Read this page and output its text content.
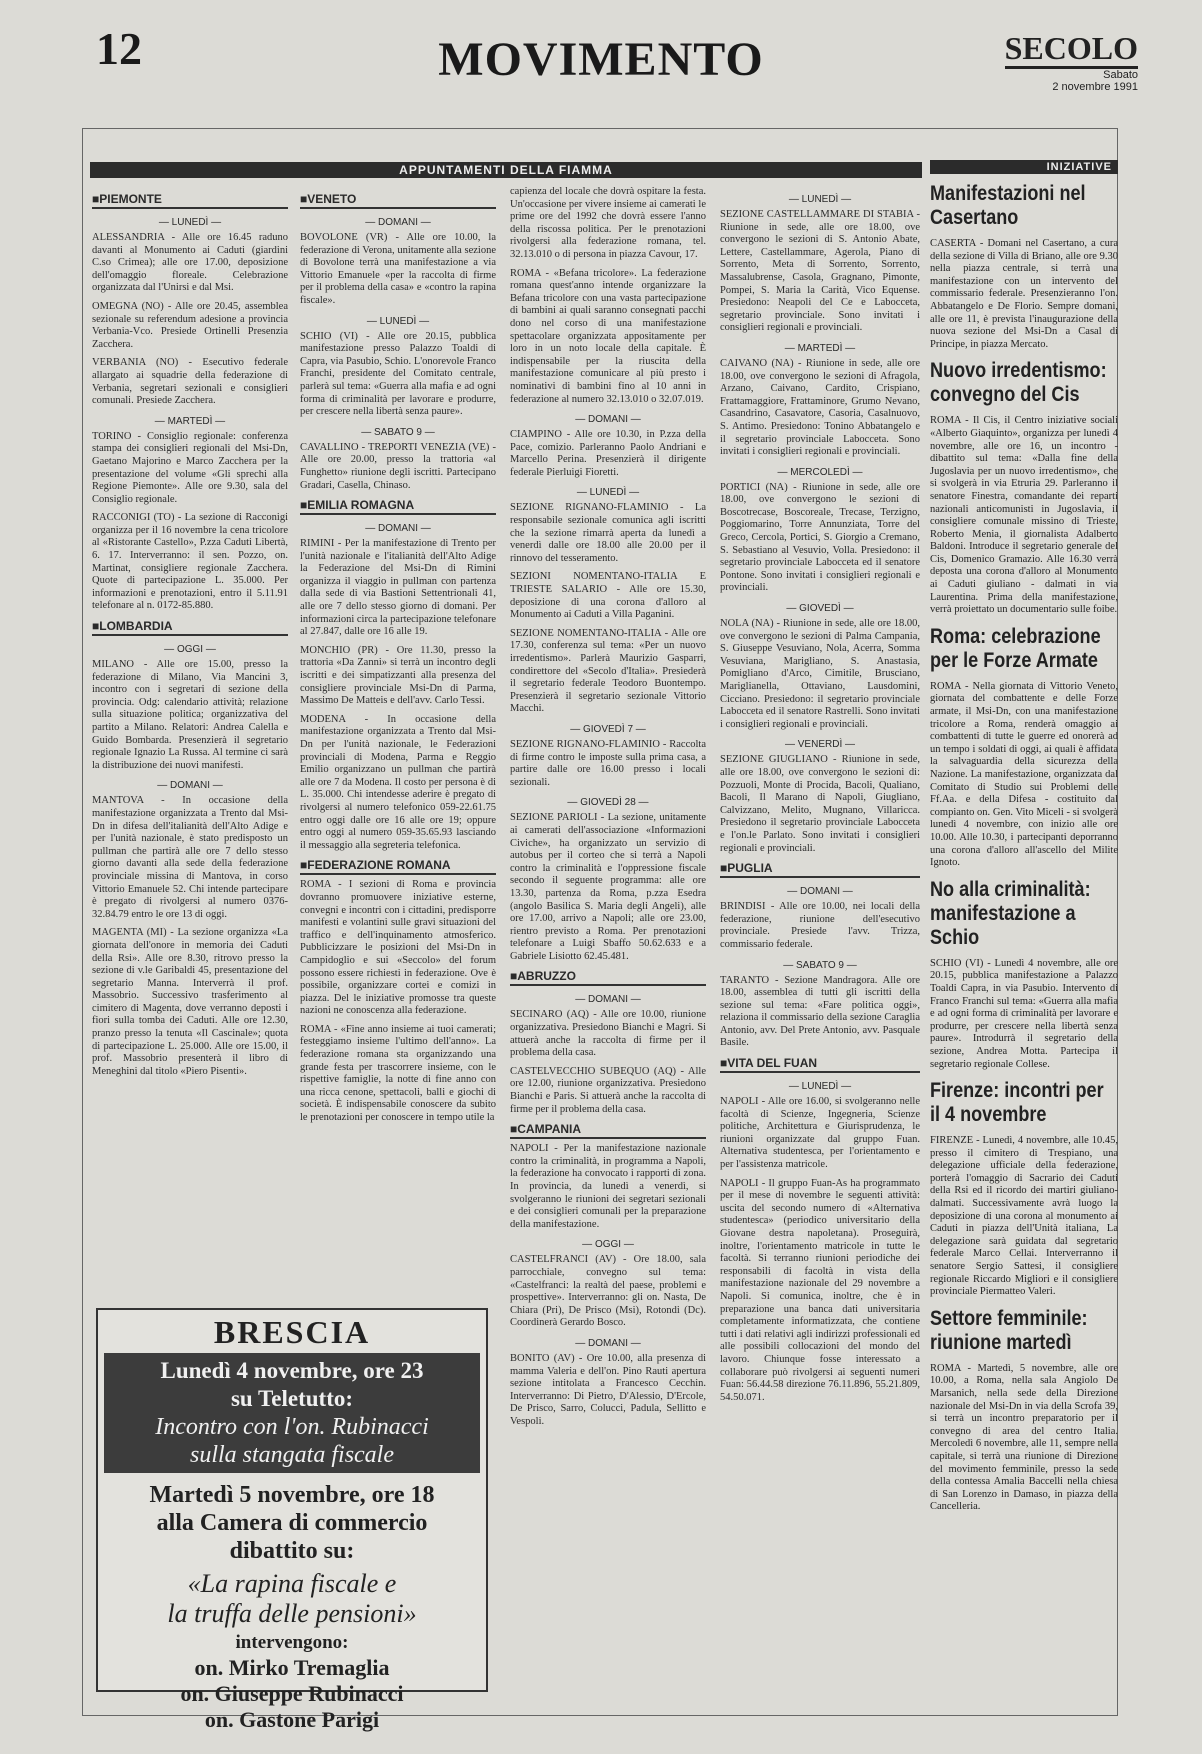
12	MOVIMENTO	SECOLO
Sabato
2 novembre 1991
APPUNTAMENTI DELLA FIAMMA
■ PIEMONTE
— LUNEDÌ —

ALESSANDRIA - Alle ore 16.45 raduno davanti al Monumento ai Caduti (giardini C.so Crimea); alle ore 17.00, deposizione dell'omaggio floreale. Celebrazione organizzata dal l'Unirsi e dal Msi.

OMEGNA (NO) - Alle ore 20.45, assemblea sezionale su referendum adesione a provincia Verbania-Vco. Presiede Ortinelli Presenzia Zacchera.

VERBANIA (NO) - Esecutivo federale allargato ai squadrie della federazione di Verbania, segretari sezionali e consiglieri comunali. Presiede Zacchera.

— MARTEDÌ —

TORINO - Consiglio regionale: conferenza stampa dei consiglieri regionali del Msi-Dn, Gaetano Majorino e Marco Zacchera per la presentazione del volume «Gli sprechi alla Regione Piemonte». Alle ore 9.30, sala del Consiglio regionale.

RACCONIGI (TO) - La sezione di Racconigi organizza per il 16 novembre la cena tricolore al «Ristorante Castello», P.zza Caduti Libertà, 6. 17. Interverranno: il sen. Pozzo, on. Martinat, consigliere regionale Zacchera. Quote di partecipazione L. 35.000. Per informazioni e prenotazioni, entro il 5.11.91 telefonare al n. 0172-85.880.

■ LOMBARDIA
— OGGI —

MILANO - Alle ore 15.00, presso la federazione di Milano, Via Mancini 3, incontro con i segretari di sezione della provincia. Odg: calendario attività; relazione sulla situazione politica; organizzativa del partito a Milano. Relatori: Andrea Calella e Guido Bombarda. Presenzierà il segretario regionale Ignazio La Russa. Al termine ci sarà la distribuzione dei nuovi manifesti.

— DOMANI —

MANTOVA - In occasione della manifestazione organizzata a Trento dal Msi-Dn in difesa dell'italianità dell'Alto Adige e per l'unità nazionale, è stato predisposto un pullman che partirà alle ore 7 dello stesso giorno davanti alla sede della federazione provinciale missina di Mantova, in corso Vittorio Emanuele 52. Chi intende partecipare è pregato di rivolgersi al numero 0376-32.84.79 entro le ore 13 di oggi.

MAGENTA (MI) - La sezione organizza «La giornata dell'onore in memoria dei Caduti della Rsi». Alle ore 8.30, ritrovo presso la sezione di v.le Garibaldi 45, presentazione del segretario Manna. Interverrà il prof. Massobrio. Successivo trasferimento al cimitero di Magenta, dove verranno deposti i fiori sulla tomba dei Caduti. Alle ore 12.30, pranzo presso la tenuta «Il Cascinale»; quota di partecipazione L. 25.000. Alle ore 15.00, il prof. Massobrio presenterà il libro di Meneghini dal titolo «Piero Pisenti».

■ VENETO
— DOMANI —

BOVOLONE (VR) - Alle ore 10.00, la federazione di Verona, unitamente alla sezione di Bovolone terrà una manifestazione a via Vittorio Emanuele «per la raccolta di firme per il problema della casa» e «contro la rapina fiscale».

— LUNEDÌ —

SCHIO (VI) - Alle ore 20.15, pubblica manifestazione presso Palazzo Toaldi di Capra, via Pasubio, Schio. L'onorevole Franco Franchi, presidente del Comitato centrale, parlerà sul tema: «Guerra alla mafia e ad ogni forma di criminalità per lavorare e produrre, per crescere nella libertà senza paure».

— SABATO 9 —

CAVALLINO - TREPORTI VENEZIA (VE) - Alle ore 20.00, presso la trattoria «al Funghetto» riunione degli iscritti. Partecipano Gradari, Casella, Chinaso.

■ EMILIA ROMAGNA
— DOMANI —

RIMINI - Per la manifestazione di Trento per l'unità nazionale e l'italianità dell'Alto Adige la Federazione del Msi-Dn di Rimini organizza il viaggio in pullman con partenza dalla sede di via Bastioni Settentrionali 41, alle ore 7 dello stesso giorno di domani. Per informazioni circa la partecipazione telefonare al 27.847, dalle ore 16 alle 19.

MONCHIO (PR) - Ore 11.30, presso la trattoria «Da Zanni» si terrà un incontro degli iscritti e dei simpatizzanti alla presenza del consigliere provinciale Msi-Dn di Parma, Massimo De Matteis e dell'avv. Carlo Tessi.

MODENA - In occasione della manifestazione organizzata a Trento dal Msi-Dn per l'unità nazionale, le Federazioni provinciali di Modena, Parma e Reggio Emilio organizzano un pullman che partirà alle ore 7 da Modena. Il costo per persona è di L. 35.000. Chi intendesse aderire è pregato di rivolgersi al numero telefonico 059-22.61.75 entro oggi dalle ore 16 alle ore 19; oppure entro oggi al numero 059-35.65.93 lasciando il messaggio alla segreteria telefonica.

■ FEDERAZIONE ROMANA

ROMA - I sezioni di Roma e provincia dovranno promuovere iniziative esterne, convegni e incontri con i cittadini, predisporre manifesti e volantini sulle gravi situazioni del traffico e dell'inquinamento atmosferico. Pubblicizzare le posizioni del Msi-Dn in Campidoglio e sui «Seccolo» del forum possono essere richiesti in federazione. Ove è possibile, organizzare cortei e comizi in piazza. Del le iniziative promosse tra queste nazioni ne conoscenza alla federazione.

ROMA - «Fine anno insieme ai tuoi camerati; festeggiamo insieme l'ultimo dell'anno». La federazione romana sta organizzando una grande festa per trascorrere insieme, con le rispettive famiglie, la notte di fine anno con una ricca cenone, spettacoli, balli e giochi di società. È indispensabile conoscere da subito le prenotazioni per conoscere in tempo utile la

capienza del locale che dovrà ospitare la festa. Un'occasione per vivere insieme ai camerati le prime ore del 1992 che dovrà essere l'anno della riscossa politica. Per le prenotazioni rivolgersi alla federazione romana, tel. 32.13.010 o di persona in piazza Cavour, 17.

ROMA - «Befana tricolore». La federazione romana quest'anno intende organizzare la Befana tricolore con una vasta partecipazione di bambini ai quali saranno consegnati pacchi dono nel corso di una manifestazione spettacolare organizzata appositamente per loro in un noto locale della capitale. È indispensabile per la riuscita della manifestazione comunicare al più presto i nominativi di bambini fino al 10 anni in federazione al numero 32.13.010 o 32.07.019.

— DOMANI —

CIAMPINO - Alle ore 10.30, in P.zza della Pace, comizio. Parleranno Paolo Andriani e Marcello Perina. Presenzierà il dirigente federale Pierluigi Fioretti.

— LUNEDÌ —

SEZIONE RIGNANO-FLAMINIO - La responsabile sezionale comunica agli iscritti che la sezione rimarrà aperta da lunedì a venerdì dalle ore 18.00 alle 20.00 per il rinnovo del tesseramento.

SEZIONI NOMENTANO-ITALIA E TRIESTE SALARIO - Alle ore 15.30, deposizione di una corona d'alloro al Monumento ai Caduti a Villa Paganini.

SEZIONE NOMENTANO-ITALIA - Alle ore 17.30, conferenza sul tema: «Per un nuovo irredentismo». Parlerà Maurizio Gasparri, condirettore del «Secolo d'Italia». Presiederà il segretario federale Teodoro Buontempo. Presenzierà il segretario sezionale Vittorio Macchi.

— GIOVEDÌ 7 —

SEZIONE RIGNANO-FLAMINIO - Raccolta di firme contro le imposte sulla prima casa, a partire dalle ore 16.00 presso i locali sezionali.

— GIOVEDÌ 28 —

SEZIONE PARIOLI - La sezione, unitamente ai camerati dell'associazione «Informazioni Civiche», ha organizzato un servizio di autobus per il corteo che si terrà a Napoli contro la criminalità e l'oppressione fiscale secondo il seguente programma: alle ore 13.30, partenza da Roma, p.zza Esedra (angolo Basilica S. Maria degli Angeli), alle ore 17.00, arrivo a Napoli; alle ore 23.00, rientro previsto a Roma. Per prenotazioni telefonare a Luigi Sbaffo 50.62.633 e a Gabriele Lisiotto 62.45.481.

■ ABRUZZO
— DOMANI —

SECINARO (AQ) - Alle ore 10.00, riunione organizzativa. Presiedono Bianchi e Magri. Si attuerà anche la raccolta di firme per il problema della casa.

CASTELVECCHIO SUBEQUO (AQ) - Alle ore 12.00, riunione organizzativa. Presiedono Bianchi e Paris. Si attuerà anche la raccolta di firme per il problema della casa.

■ CAMPANIA

NAPOLI - Per la manifestazione nazionale contro la criminalità, in programma a Napoli, la federazione ha convocato i rapporti di zona. In provincia, da lunedì a venerdì, si svolgeranno le riunioni dei segretari sezionali e dei consiglieri comunali per la preparazione della manifestazione.

— OGGI —

CASTELFRANCI (AV) - Ore 18.00, sala parrocchiale, convegno sul tema: «Castelfranci: la realtà del paese, problemi e prospettive». Interverranno: gli on. Nasta, De Chiara (Pri), De Prisco (Msi), Rotondi (Dc). Coordinerà Gerardo Bosco.

— DOMANI —

BONITO (AV) - Ore 10.00, alla presenza di mamma Valeria e dell'on. Pino Rauti apertura sezione intitolata a Francesco Cecchin. Interverranno: Di Pietro, D'Alessio, D'Ercole, De Prisco, Sarro, Colucci, Padula, Sellitto e Vespoli.

— LUNEDÌ —

SEZIONE CASTELLAMMARE DI STABIA - Riunione in sede, alle ore 18.00, ove convergono le sezioni di S. Antonio Abate, Lettere, Castellammare, Agerola, Piano di Sorrento, Meta di Sorrento, Sorrento, Massalubrense, Casola, Gragnano, Pimonte, Pompei, S. Maria la Carità, Vico Equense. Presiedono: Neapoli del Ce e Labocceta, segretario provinciale. Sono invitati i consiglieri regionali e provinciali.

— MARTEDÌ —

CAIVANO (NA) - Riunione in sede, alle ore 18.00, ove convergono le sezioni di Afragola, Arzano, Caivano, Cardito, Crispiano, Frattamaggiore, Frattaminore, Grumo Nevano, Casandrino, Casavatore, Casoria, Casalnuovo, S. Antimo. Presiedono: Tonino Abbatangelo e il segretario provinciale Labocceta. Sono invitati i consiglieri regionali e provinciali.

— MERCOLEDÌ —

PORTICI (NA) - Riunione in sede, alle ore 18.00, ove convergono le sezioni di Boscotrecase, Boscoreale, Trecase, Terzigno, Poggiomarino, Torre Annunziata, Torre del Greco, Cercola, Portici, S. Giorgio a Cremano, S. Sebastiano al Vesuvio, Volla. Presiedono: il segretario provinciale Labocceta ed il senatore Pontone. Sono invitati i consiglieri regionali e provinciali.

— GIOVEDÌ —

NOLA (NA) - Riunione in sede, alle ore 18.00, ove convergono le sezioni di Palma Campania, S. Giuseppe Vesuviano, Nola, Acerra, Somma Vesuviana, Marigliano, S. Anastasia, Pomigliano d'Arco, Cimitile, Brusciano, Mariglianella, Ottaviano, Lausdomini, Cicciano. Presiedono: il segretario provinciale Labocceta ed il senatore Rastrelli. Sono invitati i consiglieri regionali e provinciali.

— VENERDÌ —

SEZIONE GIUGLIANO - Riunione in sede, alle ore 18.00, ove convergono le sezioni di: Pozzuoli, Monte di Procida, Bacoli, Qualiano, Bacoli, Il Marano di Napoli, Giugliano, Calvizzano, Melito, Mugnano, Villaricca. Presiedono il segretario provinciale Labocceta e l'on.le Parlato. Sono invitati i consiglieri regionali e provinciali.

■ PUGLIA
— DOMANI —

BRINDISI - Alle ore 10.00, nei locali della federazione, riunione dell'esecutivo provinciale. Presiede l'avv. Trizza, commissario federale.

— SABATO 9 —

TARANTO - Sezione Mandragora. Alle ore 18.00, assemblea di tutti gli iscritti della sezione sul tema: «Fare politica oggi», relaziona il commissario della sezione Caraglia Antonio, avv. Del Prete Antonio, avv. Pasquale Basile.

■ VITA DEL FUAN
— LUNEDÌ —

NAPOLI - Alle ore 16.00, si svolgeranno nelle facoltà di Scienze, Ingegneria, Scienze politiche, Architettura e Giurisprudenza, le riunioni organizzate dal gruppo Fuan. Alternativa studentesca, per l'orientamento e per l'assistenza matricole.

NAPOLI - Il gruppo Fuan-As ha programmato per il mese di novembre le seguenti attività: uscita del secondo numero di «Alternativa studentesca» (periodico universitario della Giovane destra napoletana). Proseguirà, inoltre, l'orientamento matricole in tutte le facoltà. Si terranno riunioni periodiche dei responsabili di facoltà in vista della manifestazione nazionale del 29 novembre a Napoli. Si comunica, inoltre, che è in preparazione una banca dati universitaria completamente informatizzata, che contiene tutti i dati relativi agli indirizzi professionali ed alle possibili collocazioni del mondo del lavoro. Chiunque fosse interessato a collaborare può rivolgersi ai seguenti numeri Fuan: 56.44.58 direzione 76.11.896, 55.21.809, 54.50.071.

BRESCIA
Lunedì 4 novembre, ore 23
su Teletutto:
Incontro con l'on. Rubinacci
sulla stangata fiscale
Martedì 5 novembre, ore 18
alla Camera di commercio
dibattito su:
«La rapina fiscale e
la truffa delle pensioni»
intervengono:
on. Mirko Tremaglia
on. Giuseppe Rubinacci
on. Gastone Parigi
INIZIATIVE
Manifestazioni nel Casertano

CASERTA - Domani nel Casertano, a cura della sezione di Villa di Briano, alle ore 9.30 nella piazza centrale, si terrà una manifestazione con un intervento del commissario federale. Presenzieranno l'on. Abbatangelo e De Florio. Sempre domani, alle ore 11, è prevista l'inaugurazione della nuova sezione del Msi-Dn a Casal di Principe, in piazza Mercato.

Nuovo irredentismo: convegno del Cis

ROMA - Il Cis, il Centro iniziative sociali «Alberto Giaquinto», organizza per lunedì 4 novembre, alle ore 16, un incontro - dibattito sul tema: «Dalla fine della Jugoslavia per un nuovo irredentismo», che si svolgerà in via Etruria 29. Parleranno il senatore Finestra, comandante dei reparti nazionali anticomunisti in Jugoslavia, il consigliere comunale missino di Trieste, Roberto Menia, il giornalista Adalberto Baldoni. Introduce il segretario generale del Cis, Domenico Gramazio. Alle 16.30 verrà deposta una corona d'alloro al Monumento ai Caduti giuliano - dalmati in via Laurentina. Prima della manifestazione, verrà proiettato un documentario sulle foibe.

Roma: celebrazione per le Forze Armate

ROMA - Nella giornata di Vittorio Veneto, giornata del combattente e delle Forze armate, il Msi-Dn, con una manifestazione tricolore a Roma, renderà omaggio ai combattenti di tutte le guerre ed onorerà ad un tempo i soldati di oggi, ai quali è affidata la salvaguardia della sicurezza della Nazione. La manifestazione, organizzata dal Comitato di Studio sui Problemi delle Ff.Aa. e della Difesa - costituito dal compianto on. Gen. Vito Miceli - si svolgerà lunedì 4 novembre, con inizio alle ore 10.00. Alle 10.30, i partecipanti deporranno una corona d'alloro all'ascello del Milite Ignoto.

No alla criminalità: manifestazione a Schio

SCHIO (VI) - Lunedì 4 novembre, alle ore 20.15, pubblica manifestazione a Palazzo Toaldi Capra, in via Pasubio. Intervento di Franco Franchi sul tema: «Guerra alla mafia e ad ogni forma di criminalità per lavorare e produrre, per crescere nella libertà senza paure». Introdurrà il segretario della sezione, Andrea Motta. Partecipa il segretario regionale Collese.

Firenze: incontri per il 4 novembre

FIRENZE - Lunedì, 4 novembre, alle 10.45, presso il cimitero di Trespiano, una delegazione ufficiale della federazione, porterà l'omaggio di Sacrario dei Caduti della Rsi ed il ricordo dei martiri giuliano-dalmati. Successivamente avrà luogo la deposizione di una corona al monumento ai Caduti in piazza dell'Unità italiana, La delegazione sarà guidata dal segretario federale Marco Cellai. Interverranno il senatore Sergio Sattesi, il consigliere regionale Riccardo Migliori e il consigliere provinciale Piermatteo Valeri.

Settore femminile: riunione martedì

ROMA - Martedì, 5 novembre, alle ore 10.00, a Roma, nella sala Angiolo De Marsanich, nella sede della Direzione nazionale del Msi-Dn in via della Scrofa 39, si terrà un incontro preparatorio per il convegno di area del centro Italia. Mercoledì 6 novembre, alle 11, sempre nella capitale, si terrà una riunione di Direzione del movimento femminile, presso la sede della contessa Amalia Baccelli nella chiesa di San Lorenzo in Damaso, in piazza della Cancelleria.
